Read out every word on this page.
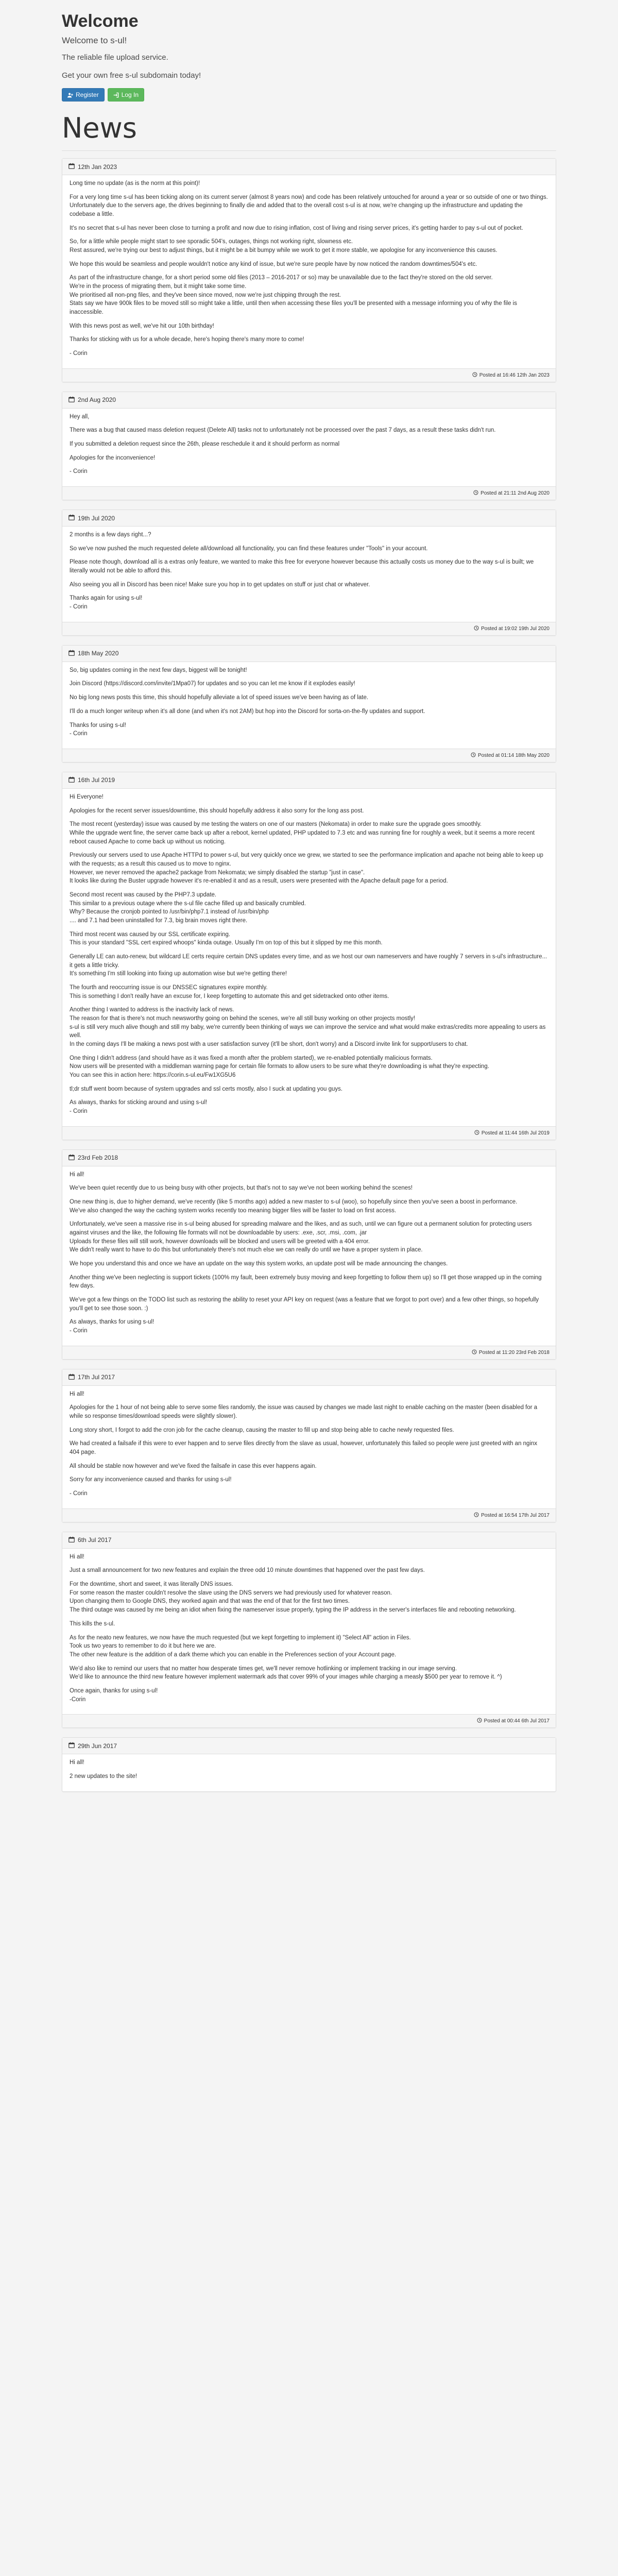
Welcome
Welcome to s-ul!
The reliable file upload service.
Get your own free s-ul subdomain today!
Register	Log In
News
12th Jan 2023

Long time no update (as is the norm at this point)!

For a very long time s-ul has been ticking along on its current server (almost 8 years now) and code has been relatively untouched for around a year or so outside of one or two things.
Unfortunately due to the servers age, the drives beginning to finally die and added that to the overall cost s-ul is at now, we're changing up the infrastructure and updating the codebase a little.

It's no secret that s-ul has never been close to turning a profit and now due to rising inflation, cost of living and rising server prices, it's getting harder to pay s-ul out of pocket.

So, for a little while people might start to see sporadic 504's, outages, things not working right, slowness etc.
Rest assured, we're trying our best to adjust things, but it might be a bit bumpy while we work to get it more stable, we apologise for any inconvenience this causes.

We hope this would be seamless and people wouldn't notice any kind of issue, but we're sure people have by now noticed the random downtimes/504's etc.

As part of the infrastructure change, for a short period some old files (2013 – 2016-2017 or so) may be unavailable due to the fact they're stored on the old server.
We're in the process of migrating them, but it might take some time.
We prioritised all non-png files, and they've been since moved, now we're just chipping through the rest.
Stats say we have 900k files to be moved still so might take a little, until then when accessing these files you'll be presented with a message informing you of why the file is inaccessible.

With this news post as well, we've hit our 10th birthday!

Thanks for sticking with us for a whole decade, here's hoping there's many more to come!

- Corin

Posted at 16:46 12th Jan 2023
2nd Aug 2020

Hey all,

There was a bug that caused mass deletion request (Delete All) tasks not to unfortunately not be processed over the past 7 days, as a result these tasks didn't run.

If you submitted a deletion request since the 26th, please reschedule it and it should perform as normal

Apologies for the inconvenience!

- Corin

Posted at 21:11 2nd Aug 2020
19th Jul 2020

2 months is a few days right...?

So we've now pushed the much requested delete all/download all functionality, you can find these features under "Tools" in your account.

Please note though, download all is a extras only feature, we wanted to make this free for everyone however because this actually costs us money due to the way s-ul is built; we literally would not be able to afford this.

Also seeing you all in Discord has been nice! Make sure you hop in to get updates on stuff or just chat or whatever.

Thanks again for using s-ul!
- Corin

Posted at 19:02 19th Jul 2020
18th May 2020

So, big updates coming in the next few days, biggest will be tonight!

Join Discord (https://discord.com/invite/1Mpa07) for updates and so you can let me know if it explodes easily!

No big long news posts this time, this should hopefully alleviate a lot of speed issues we've been having as of late.

I'll do a much longer writeup when it's all done (and when it's not 2AM) but hop into the Discord for sorta-on-the-fly updates and support.

Thanks for using s-ul!
- Corin

Posted at 01:14 18th May 2020
16th Jul 2019

Hi Everyone!

Apologies for the recent server issues/downtime, this should hopefully address it also sorry for the long ass post.

The most recent (yesterday) issue was caused by me testing the waters on one of our masters (Nekomata) in order to make sure the upgrade goes smoothly.
While the upgrade went fine, the server came back up after a reboot, kernel updated, PHP updated to 7.3 etc and was running fine for roughly a week, but it seems a more recent reboot caused Apache to come back up without us noticing.

Previously our servers used to use Apache HTTPd to power s-ul, but very quickly once we grew, we started to see the performance implication and apache not being able to keep up with the requests; as a result this caused us to move to nginx.
However, we never removed the apache2 package from Nekomata; we simply disabled the startup "just in case".
It looks like during the Buster upgrade however it's re-enabled it and as a result, users were presented with the Apache default page for a period.

Second most recent was caused by the PHP7.3 update.
This similar to a previous outage where the s-ul file cache filled up and basically crumbled.
Why? Because the cronjob pointed to /usr/bin/php7.1 instead of /usr/bin/php
.... and 7.1 had been uninstalled for 7.3, big brain moves right there.

Third most recent was caused by our SSL certificate expiring.
This is your standard "SSL cert expired whoops" kinda outage. Usually I'm on top of this but it slipped by me this month.

Generally LE can auto-renew, but wildcard LE certs require certain DNS updates every time, and as we host our own nameservers and have roughly 7 servers in s-ul's infrastructure... it gets a little tricky.
It's something I'm still looking into fixing up automation wise but we're getting there!

The fourth and reoccurring issue is our DNSSEC signatures expire monthly.
This is something I don't really have an excuse for, I keep forgetting to automate this and get sidetracked onto other items.

Another thing I wanted to address is the inactivity lack of news.
The reason for that is there's not much newsworthy going on behind the scenes, we're all still busy working on other projects mostly!
s-ul is still very much alive though and still my baby, we're currently been thinking of ways we can improve the service and what would make extras/credits more appealing to users as well.
In the coming days I'll be making a news post with a user satisfaction survey (it'll be short, don't worry) and a Discord invite link for support/users to chat.

One thing I didn't address (and should have as it was fixed a month after the problem started), we re-enabled potentially malicious formats.
Now users will be presented with a middleman warning page for certain file formats to allow users to be sure what they're downloading is what they're expecting.
You can see this in action here: https://corin.s-ul.eu/Fw1XG5U6

tl;dr stuff went boom because of system upgrades and ssl certs mostly, also I suck at updating you guys.

As always, thanks for sticking around and using s-ul!
- Corin

Posted at 11:44 16th Jul 2019
23rd Feb 2018

Hi all!

We've been quiet recently due to us being busy with other projects, but that's not to say we've not been working behind the scenes!

One new thing is, due to higher demand, we've recently (like 5 months ago) added a new master to s-ul (woo), so hopefully since then you've seen a boost in performance.
We've also changed the way the caching system works recently too meaning bigger files will be faster to load on first access.

Unfortunately, we've seen a massive rise in s-ul being abused for spreading malware and the likes, and as such, until we can figure out a permanent solution for protecting users against viruses and the like, the following file formats will not be downloadable by users: .exe, .scr, .msi, .com, .jar
Uploads for these files will still work, however downloads will be blocked and users will be greeted with a 404 error.
We didn't really want to have to do this but unfortunately there's not much else we can really do until we have a proper system in place.

We hope you understand this and once we have an update on the way this system works, an update post will be made announcing the changes.

Another thing we've been neglecting is support tickets (100% my fault, been extremely busy moving and keep forgetting to follow them up) so I'll get those wrapped up in the coming few days.

We've got a few things on the TODO list such as restoring the ability to reset your API key on request (was a feature that we forgot to port over) and a few other things, so hopefully you'll get to see those soon. :)

As always, thanks for using s-ul!
- Corin

Posted at 11:20 23rd Feb 2018
17th Jul 2017

Hi all!

Apologies for the 1 hour of not being able to serve some files randomly, the issue was caused by changes we made last night to enable caching on the master (been disabled for a while so response times/download speeds were slightly slower).

Long story short, I forgot to add the cron job for the cache cleanup, causing the master to fill up and stop being able to cache newly requested files.

We had created a failsafe if this were to ever happen and to serve files directly from the slave as usual, however, unfortunately this failed so people were just greeted with an nginx 404 page.

All should be stable now however and we've fixed the failsafe in case this ever happens again.

Sorry for any inconvenience caused and thanks for using s-ul!

- Corin

Posted at 16:54 17th Jul 2017
6th Jul 2017

Hi all!

Just a small announcement for two new features and explain the three odd 10 minute downtimes that happened over the past few days.

For the downtime, short and sweet, it was literally DNS issues.
For some reason the master couldn't resolve the slave using the DNS servers we had previously used for whatever reason.
Upon changing them to Google DNS, they worked again and that was the end of that for the first two times.
The third outage was caused by me being an idiot when fixing the nameserver issue properly, typing the IP address in the server's interfaces file and rebooting networking.

This kills the s-ul.

As for the neato new features, we now have the much requested (but we kept forgetting to implement it) "Select All" action in Files.
Took us two years to remember to do it but here we are.
The other new feature is the addition of a dark theme which you can enable in the Preferences section of your Account page.

We'd also like to remind our users that no matter how desperate times get, we'll never remove hotlinking or implement tracking in our image serving.
We'd like to announce the third new feature however implement watermark ads that cover 99% of your images while charging a measly $500 per year to remove it. ^)

Once again, thanks for using s-ul!
-Corin

Posted at 00:44 6th Jul 2017
29th Jun 2017

Hi all!

2 new updates to the site!
